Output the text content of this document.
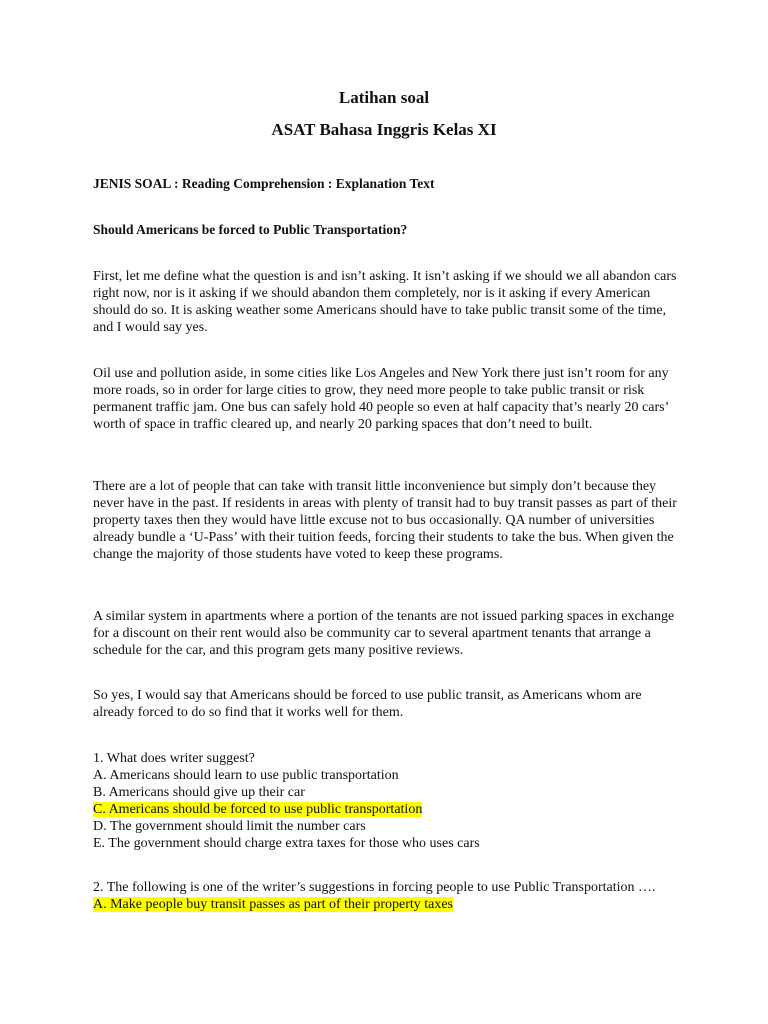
Latihan soal
ASAT Bahasa Inggris Kelas XI
JENIS SOAL : Reading Comprehension : Explanation Text
Should Americans be forced to Public Transportation?

First, let me define what the question is and isn’t asking. It isn’t asking if we should we all abandon cars right now, nor is it asking if we should abandon them completely, nor is it asking if every American should do so. It is asking weather some Americans should have to take public transit some of the time, and I would say yes.

Oil use and pollution aside, in some cities like Los Angeles and New York there just isn’t room for any more roads, so in order for large cities to grow, they need more people to take public transit or risk permanent traffic jam. One bus can safely hold 40 people so even at half capacity that’s nearly 20 cars’ worth of space in traffic cleared up, and nearly 20 parking spaces that don’t need to built.

There are a lot of people that can take with transit little inconvenience but simply don’t because they never have in the past. If residents in areas with plenty of transit had to buy transit passes as part of their property taxes then they would have little excuse not to bus occasionally. QA number of universities already bundle a ‘U-Pass’ with their tuition feeds, forcing their students to take the bus. When given the change the majority of those students have voted to keep these programs.

A similar system in apartments where a portion of the tenants are not issued parking spaces in exchange for a discount on their rent would also be community car to several apartment tenants that arrange a schedule for the car, and this program gets many positive reviews.

So yes, I would say that Americans should be forced to use public transit, as Americans whom are already forced to do so find that it works well for them.

1. What does writer suggest?
A. Americans should learn to use public transportation
B. Americans should give up their car
C. Americans should be forced to use public transportation
D. The government should limit the number cars
E. The government should charge extra taxes for those who uses cars
2. The following is one of the writer’s suggestions in forcing people to use Public Transportation ….
A. Make people buy transit passes as part of their property taxes
